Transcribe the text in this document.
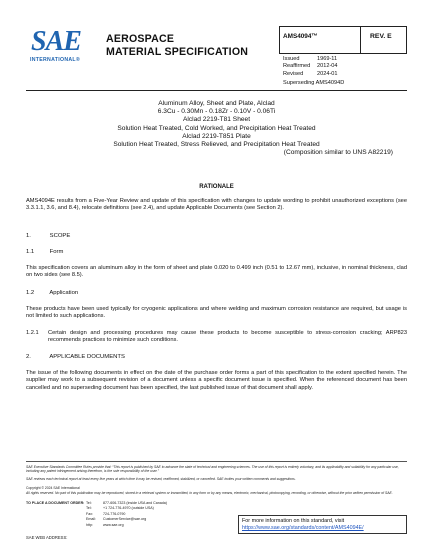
SAE
INTERNATIONAL®
AEROSPACE
MATERIAL SPECIFICATION
AMS4094™	REV. E
Issued	1969-11
Reaffirmed	2012-04
Revised	2024-01
Superseding AMS4094D
Aluminum Alloy, Sheet and Plate, Alclad
6.3Cu - 0.30Mn - 0.18Zr - 0.10V - 0.06Ti
Alclad 2219-T81 Sheet
Solution Heat Treated, Cold Worked, and Precipitation Heat Treated
Alclad 2219-T851 Plate
Solution Heat Treated, Stress Relieved, and Precipitation Heat Treated
(Composition similar to UNS A82219)
RATIONALE
AMS4094E results from a Five-Year Review and update of this specification with changes to update wording to prohibit unauthorized exceptions (see 3.3.1.1, 3.6, and 8.4), relocate definitions (see 2.4), and update Applicable Documents (see Section 2).
1.	SCOPE
1.1	Form
This specification covers an aluminum alloy in the form of sheet and plate 0.020 to 0.499 inch (0.51 to 12.67 mm), inclusive, in nominal thickness, clad on two sides (see 8.5).
1.2	Application
These products have been used typically for cryogenic applications and where welding and maximum corrosion resistance are required, but usage is not limited to such applications.
1.2.1 Certain design and processing procedures may cause these products to become susceptible to stress-corrosion cracking; ARP823 recommends practices to minimize such conditions.
2.	APPLICABLE DOCUMENTS
The issue of the following documents in effect on the date of the purchase order forms a part of this specification to the extent specified herein. The supplier may work to a subsequent revision of a document unless a specific document issue is specified. When the referenced document has been cancelled and no superseding document has been specified, the last published issue of that document shall apply.
SAE Executive Standards Committee Rules provide that: “This report is published by SAE to advance the state of technical and engineering sciences. The use of this report is entirely voluntary, and its applicability and suitability for any particular use, including any patent infringement arising therefrom, is the sole responsibility of the user.”
SAE reviews each technical report at least every five years at which time it may be revised, reaffirmed, stabilized, or cancelled. SAE invites your written comments and suggestions.
Copyright © 2024 SAE International
All rights reserved. No part of this publication may be reproduced, stored in a retrieval system or transmitted, in any form or by any means, electronic, mechanical, photocopying, recording, or otherwise, without the prior written permission of SAE.
TO PLACE A DOCUMENT ORDER: Tel:	877-606-7323 (inside USA and Canada)
Tel:	+1 724-776-4970 (outside USA)
Fax:	724-776-0790
Email:	CustomerService@sae.org
http:	www.sae.org
For more information on this standard, visit
https://www.sae.org/standards/content/AMS4094E/
SAE WEB ADDRESS:
